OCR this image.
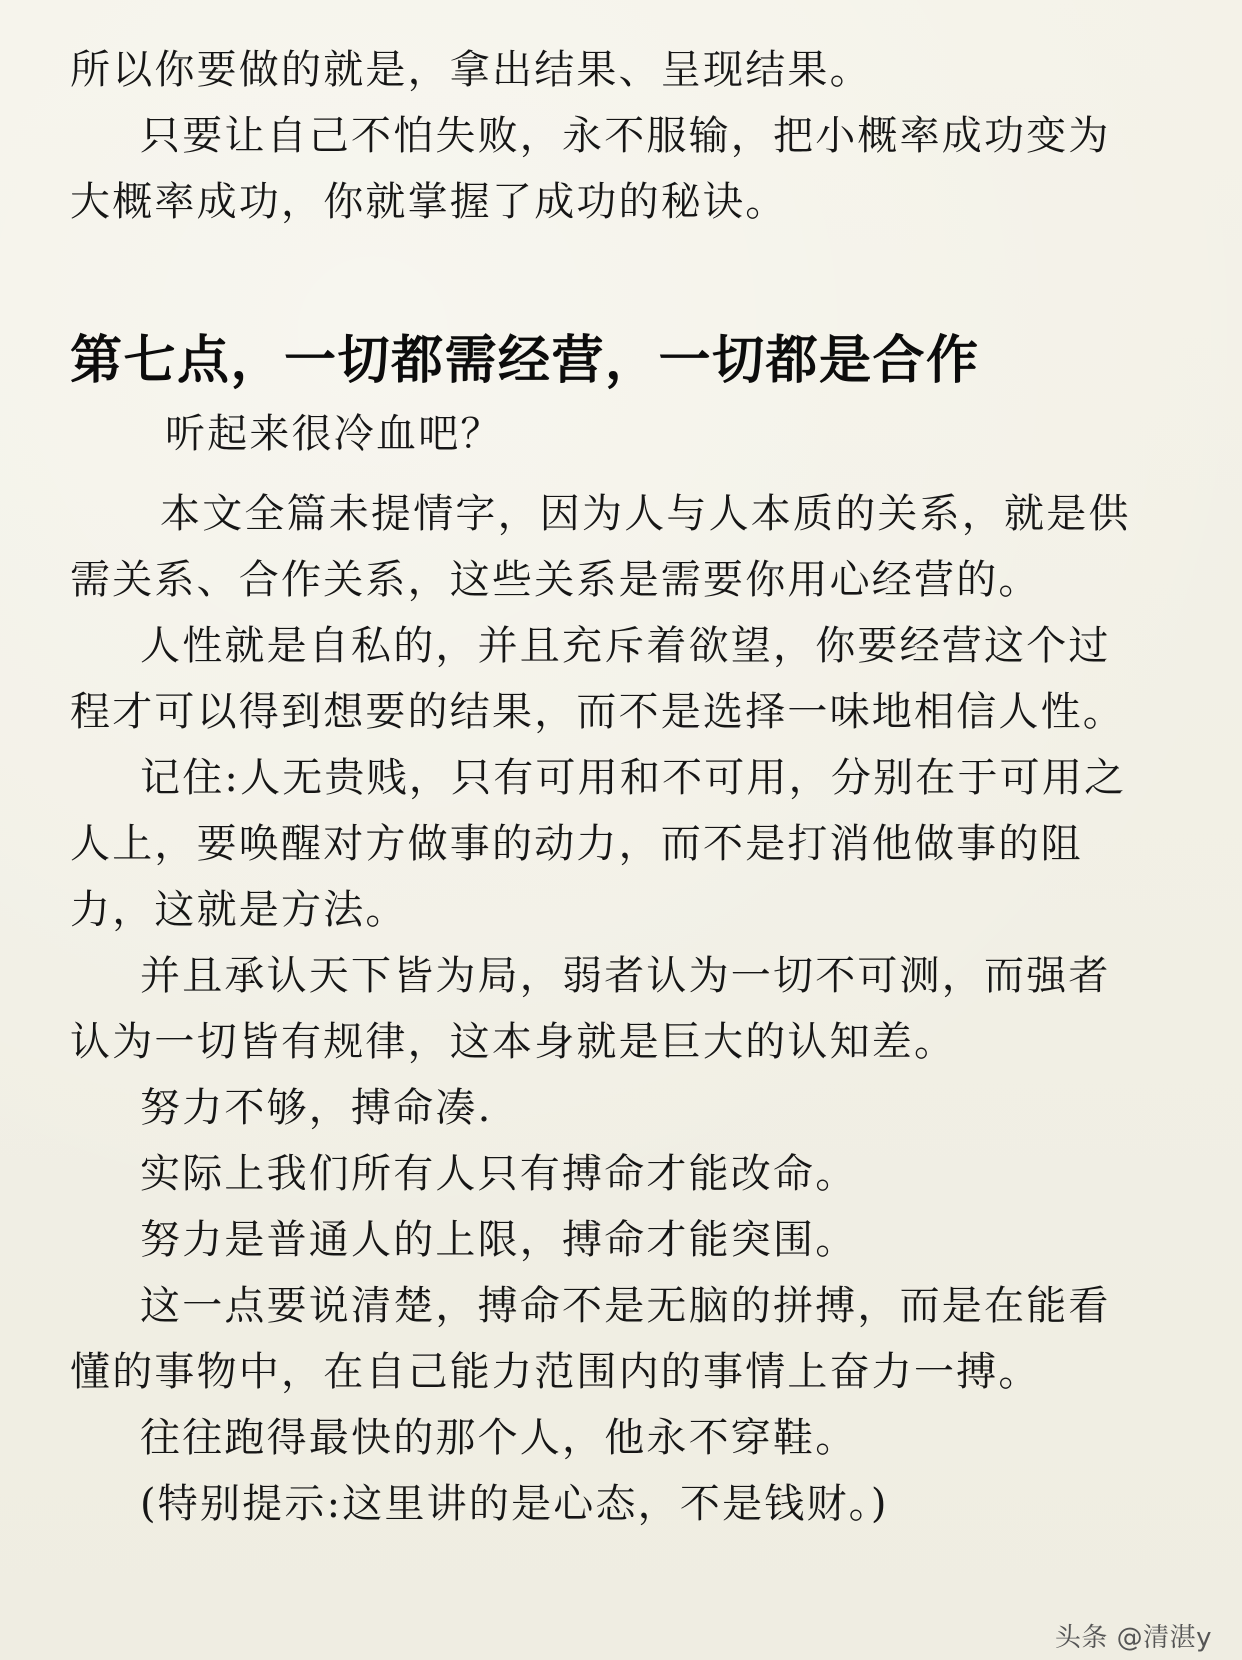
所以你要做的就是，拿出结果、呈现结果。

只要让自己不怕失败，永不服输，把小概率成功变为

大概率成功，你就掌握了成功的秘诀。

第七点，一切都需经营，一切都是合作

听起来很冷血吧？

本文全篇未提情字，因为人与人本质的关系，就是供

需关系、合作关系，这些关系是需要你用心经营的。

人性就是自私的，并且充斥着欲望，你要经营这个过

程才可以得到想要的结果，而不是选择一味地相信人性。

记住:人无贵贱，只有可用和不可用，分别在于可用之

人上，要唤醒对方做事的动力，而不是打消他做事的阻

力，这就是方法。

并且承认天下皆为局，弱者认为一切不可测，而强者

认为一切皆有规律，这本身就是巨大的认知差。

努力不够，搏命凑.

实际上我们所有人只有搏命才能改命。

努力是普通人的上限，搏命才能突围。

这一点要说清楚，搏命不是无脑的拼搏，而是在能看

懂的事物中，在自己能力范围内的事情上奋力一搏。

往往跑得最快的那个人，他永不穿鞋。

(特别提示:这里讲的是心态，不是钱财。)

头条 @清湛y
